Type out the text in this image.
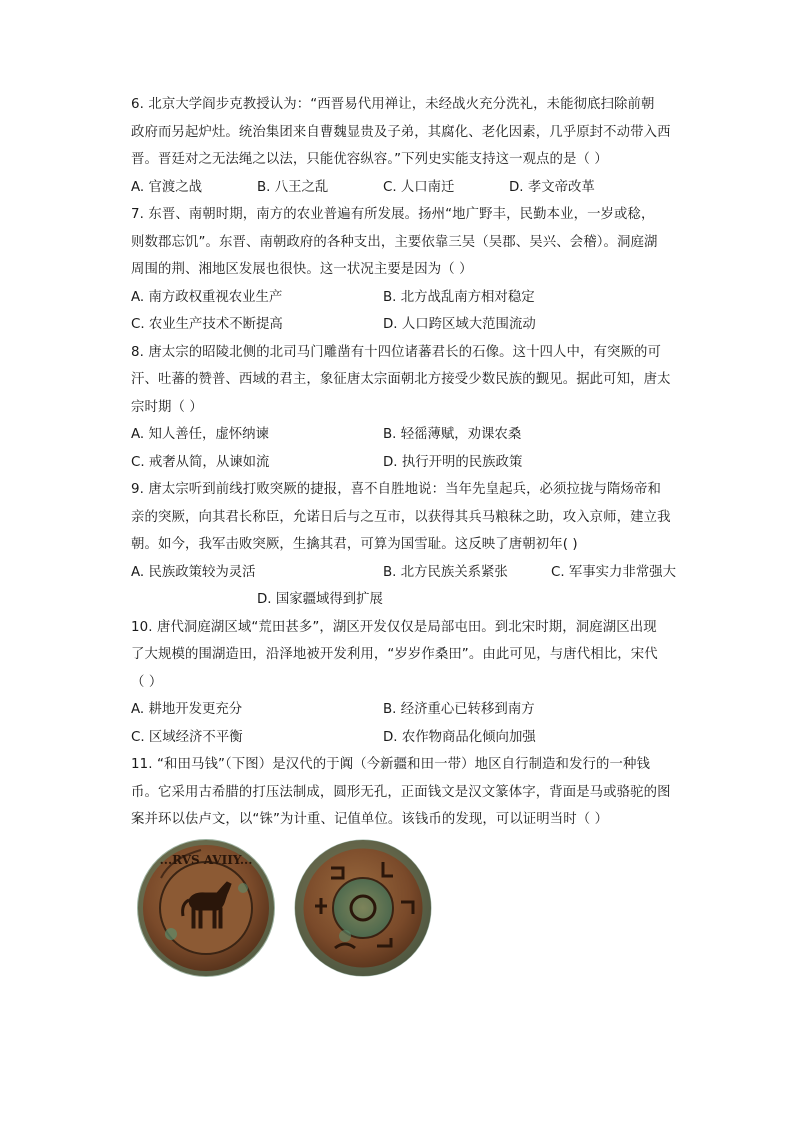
6. 北京大学阎步克教授认为：“西晋易代用禅让，未经战火充分洗礼，未能彻底扫除前朝
政府而另起炉灶。统治集团来自曹魏显贵及子弟，其腐化、老化因素，几乎原封不动带入西
晋。晋廷对之无法绳之以法，只能优容纵容。”下列史实能支持这一观点的是（ ）
A. 官渡之战	B. 八王之乱	C. 人口南迁	D. 孝文帝改革
7. 东晋、南朝时期，南方的农业普遍有所发展。扬州“地广野丰，民勤本业，一岁或稔，
则数郡忘饥”。东晋、南朝政府的各种支出，主要依靠三吴（吴郡、吴兴、会稽）。洞庭湖
周围的荆、湘地区发展也很快。这一状况主要是因为（ ）
A. 南方政权重视农业生产	B. 北方战乱南方相对稳定
C. 农业生产技术不断提高	D. 人口跨区域大范围流动
8. 唐太宗的昭陵北侧的北司马门雕凿有十四位诸蕃君长的石像。这十四人中，有突厥的可
汗、吐蕃的赞普、西域的君主，象征唐太宗面朝北方接受少数民族的觐见。据此可知，唐太
宗时期（ ）
A. 知人善任，虚怀纳谏	B. 轻徭薄赋，劝课农桑
C. 戒奢从简，从谏如流	D. 执行开明的民族政策
9. 唐太宗听到前线打败突厥的捷报，喜不自胜地说：当年先皇起兵，必须拉拢与隋炀帝和
亲的突厥，向其君长称臣，允诺日后与之互市，以获得其兵马粮秣之助，攻入京师，建立我
朝。如今，我军击败突厥，生擒其君，可算为国雪耻。这反映了唐朝初年( )
A. 民族政策较为灵活	B. 北方民族关系紧张	C. 军事实力非常强大
D. 国家疆域得到扩展
10. 唐代洞庭湖区域“荒田甚多”，湖区开发仅仅是局部屯田。到北宋时期，洞庭湖区出现
了大规模的围湖造田，沿泽地被开发利用，“岁岁作桑田”。由此可见，与唐代相比，宋代
（ ）
A. 耕地开发更充分	B. 经济重心已转移到南方
C. 区域经济不平衡	D. 农作物商品化倾向加强
11. “和田马钱”（下图）是汉代的于阗（今新疆和田一带）地区自行制造和发行的一种钱
币。它采用古希腊的打压法制成，圆形无孔，正面钱文是汉文篆体字，背面是马或骆驼的图
案并环以佉卢文，以“铢”为计重、记值单位。该钱币的发现，可以证明当时（ ）
...RVS AVIIY...
